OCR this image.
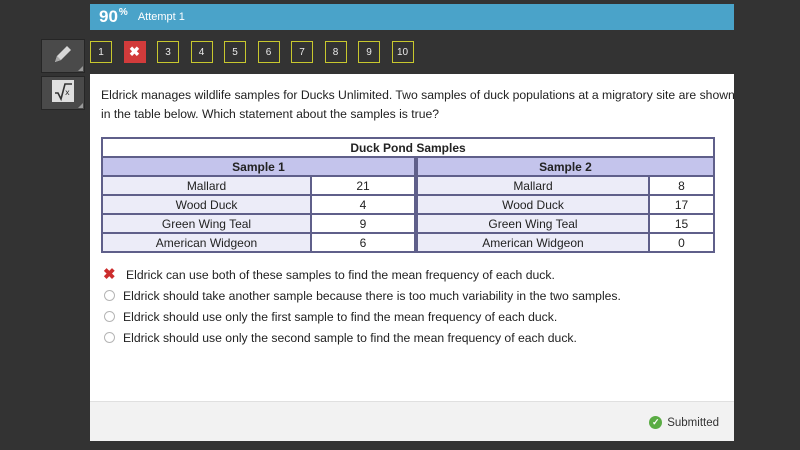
90% Attempt 1
x
1	✖	3	4	5	6	7	8	9	10

Eldrick manages wildlife samples for Ducks Unlimited. Two samples of duck populations at a migratory site are shown in the table below. Which statement about the samples is true?

Duck Pond Samples				
Sample 1			Sample 2	
Mallard	21		Mallard	8
Wood Duck	4		Wood Duck	17
Green Wing Teal	9		Green Wing Teal	15
American Widgeon	6		American Widgeon	0
✖ Eldrick can use both of these samples to find the mean frequency of each duck.
Eldrick should take another sample because there is too much variability in the two samples.
Eldrick should use only the first sample to find the mean frequency of each duck.
Eldrick should use only the second sample to find the mean frequency of each duck.
✓ Submitted
